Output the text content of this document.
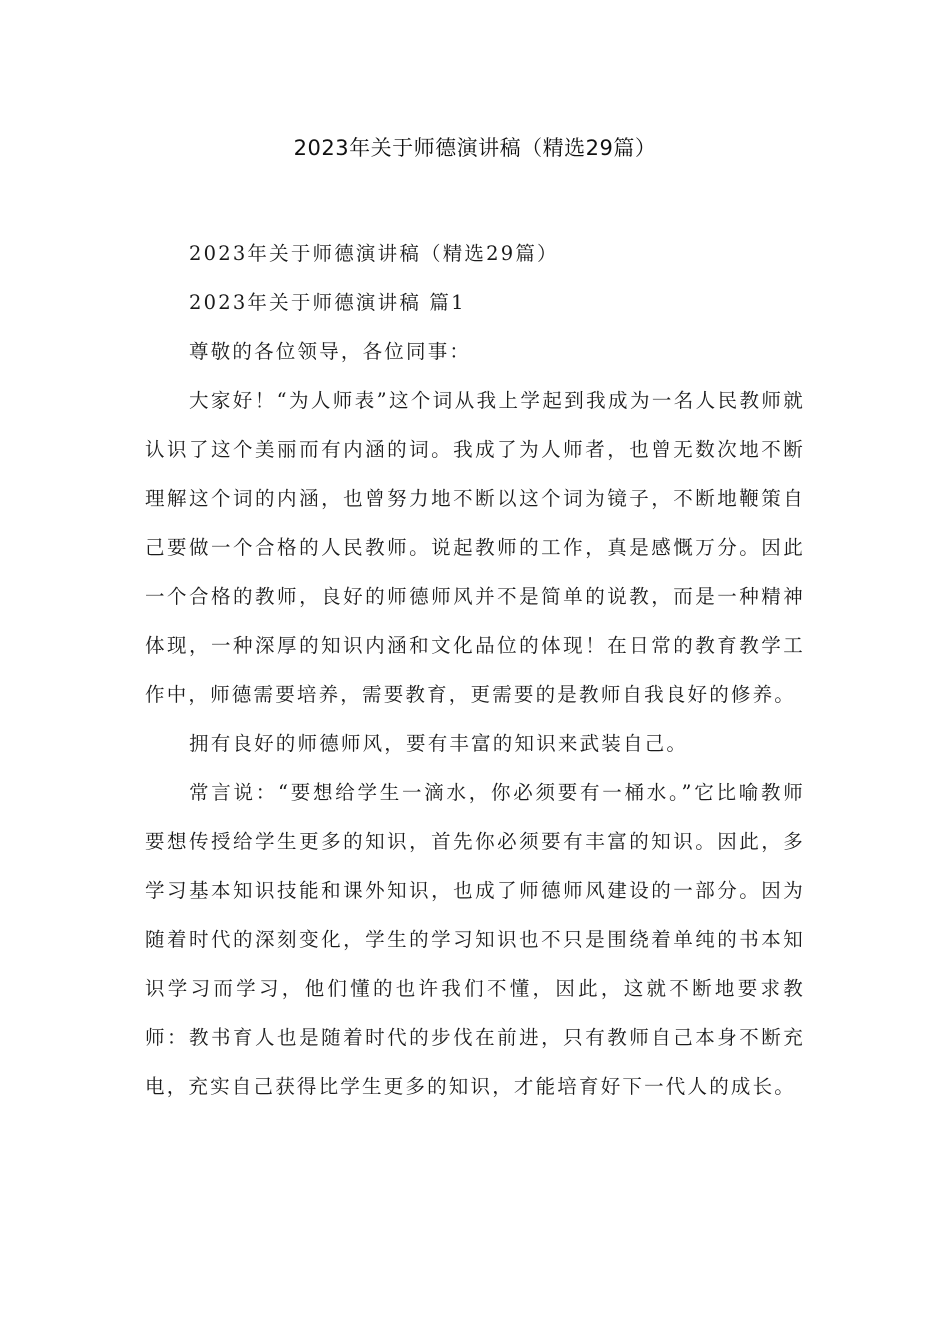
2023年关于师德演讲稿（精选29篇）

2023年关于师德演讲稿（精选29篇）

2023年关于师德演讲稿 篇1

尊敬的各位领导，各位同事：

大家好！“为人师表”这个词从我上学起到我成为一名人民教师就认识了这个美丽而有内涵的词。我成了为人师者，也曾无数次地不断理解这个词的内涵，也曾努力地不断以这个词为镜子，不断地鞭策自己要做一个合格的人民教师。说起教师的工作，真是感慨万分。因此一个合格的教师，良好的师德师风并不是简单的说教，而是一种精神体现，一种深厚的知识内涵和文化品位的体现！在日常的教育教学工作中，师德需要培养，需要教育，更需要的是教师自我良好的修养。

拥有良好的师德师风，要有丰富的知识来武装自己。

常言说：“要想给学生一滴水，你必须要有一桶水。”它比喻教师要想传授给学生更多的知识，首先你必须要有丰富的知识。因此，多学习基本知识技能和课外知识，也成了师德师风建设的一部分。因为随着时代的深刻变化，学生的学习知识也不只是围绕着单纯的书本知识学习而学习，他们懂的也许我们不懂，因此，这就不断地要求教师：教书育人也是随着时代的步伐在前进，只有教师自己本身不断充电，充实自己获得比学生更多的知识，才能培育好下一代人的成长。
